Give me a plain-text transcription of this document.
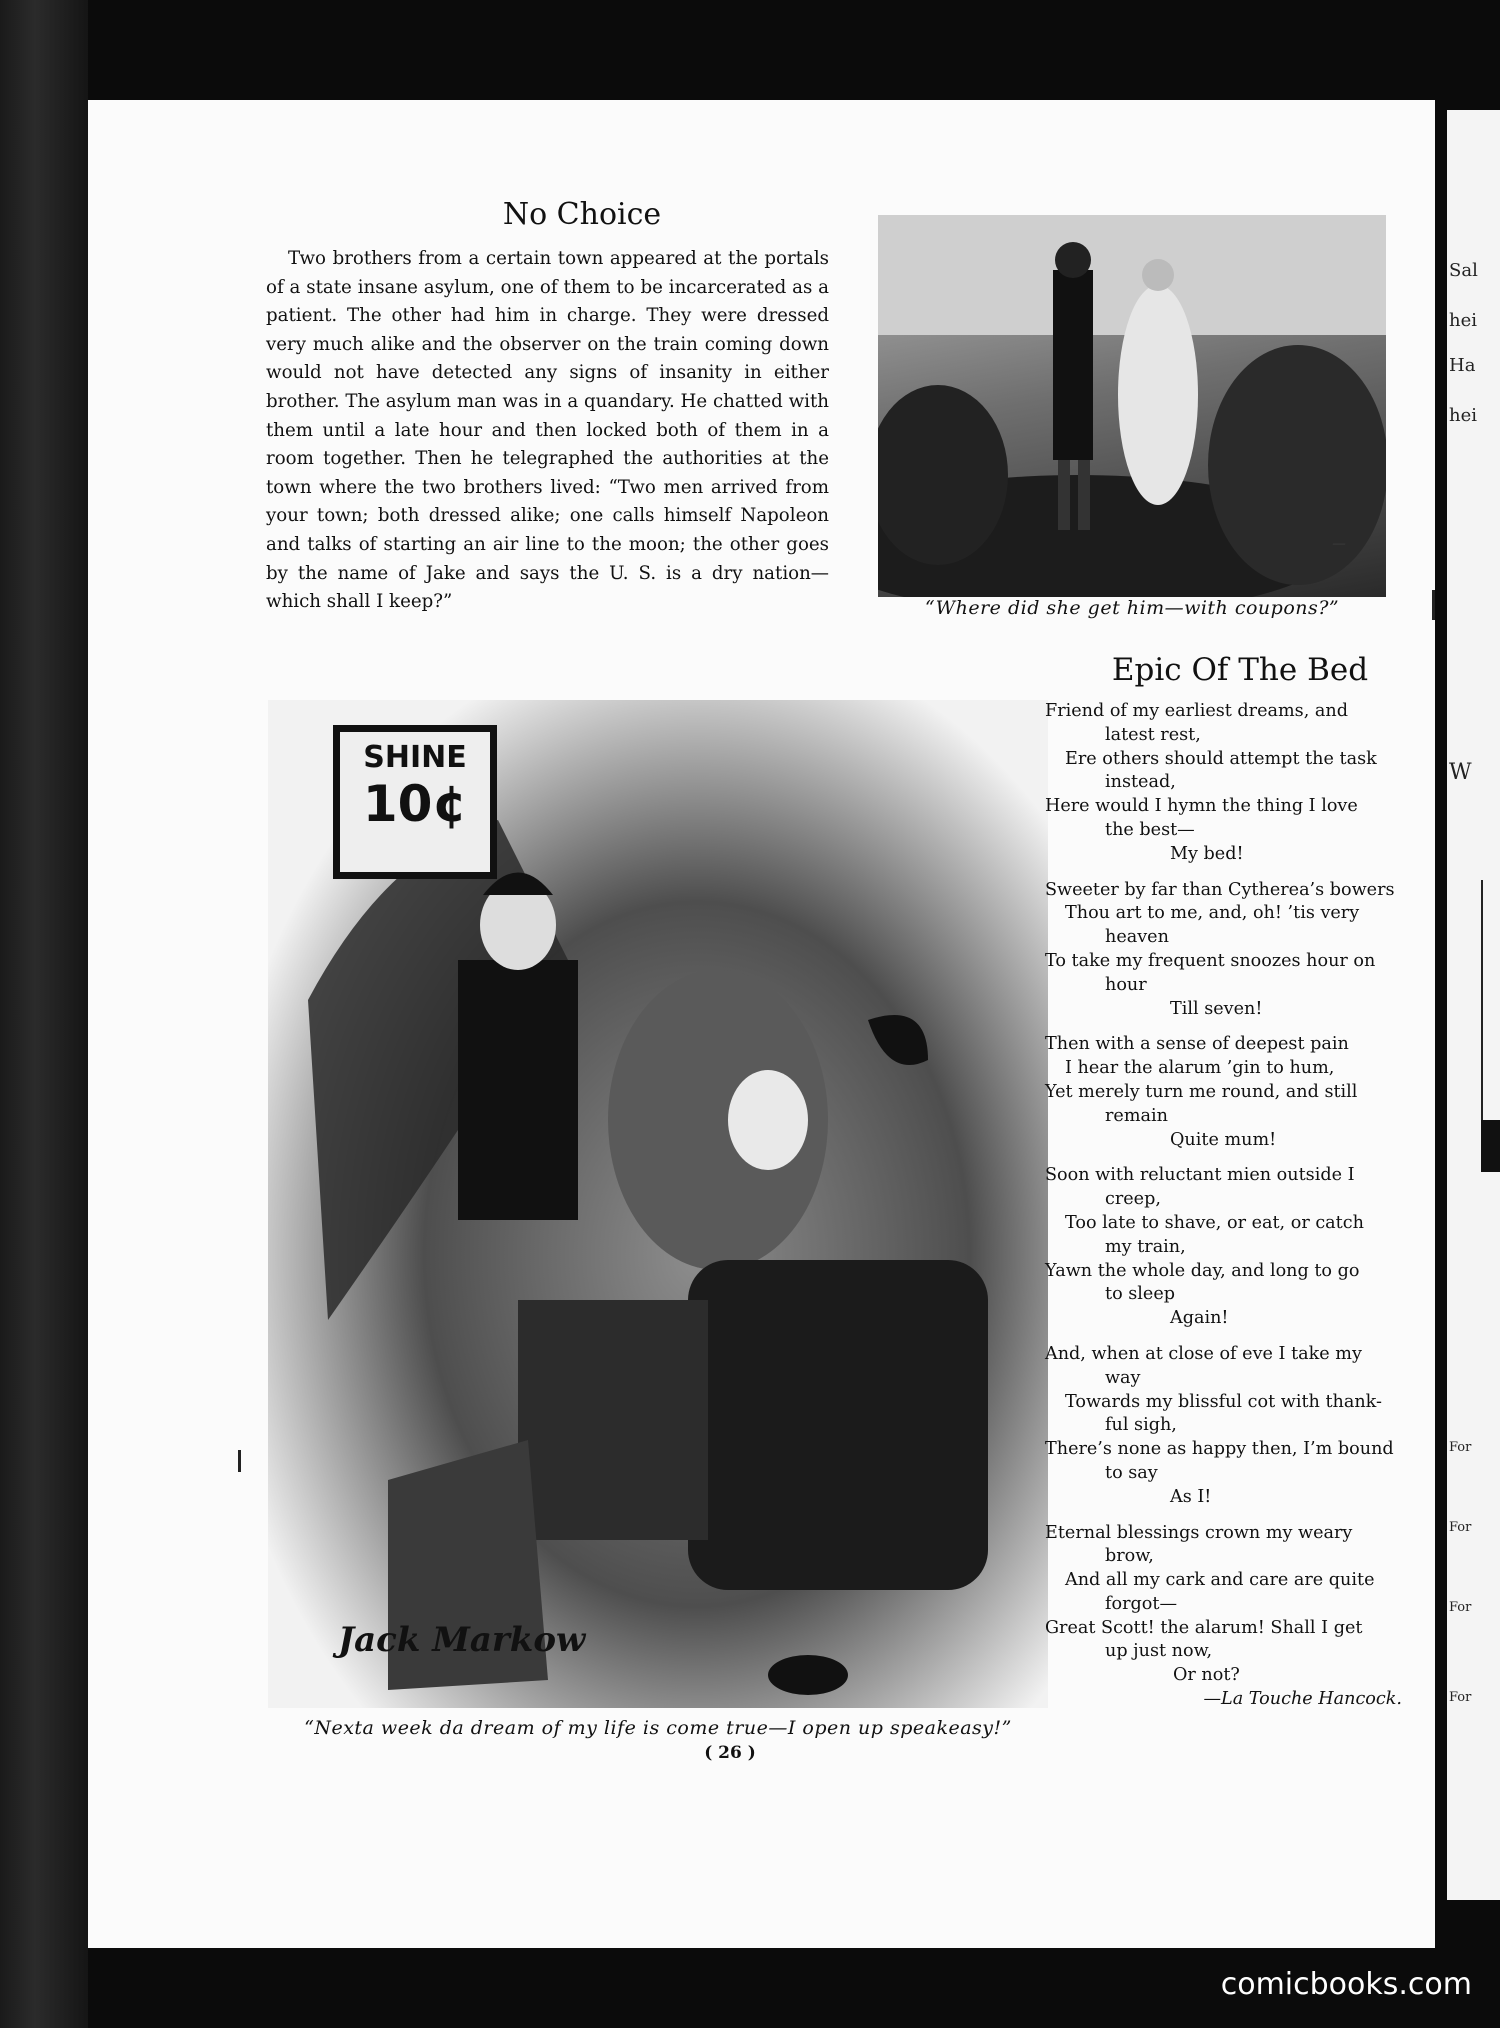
Sal
hei
Ha
hei
W
For
For
For
For
No Choice

Two brothers from a certain town appeared at the portals of a state insane asylum, one of them to be incarcerated as a patient. The other had him in charge. They were dressed very much alike and the observer on the train coming down would not have detected any signs of insanity in either brother. The asylum man was in a quandary. He chatted with them until a late hour and then locked both of them in a room together. Then he telegraphed the authorities at the town where the two brothers lived: “Two men arrived from your town; both dressed alike; one calls himself Napoleon and talks of starting an air line to the moon; the other goes by the name of Jake and says the U. S. is a dry nation—which shall I keep?”

—

“Where did she get him—with coupons?”

Epic Of The Bed
SHINE
10¢
Jack Markow

“Nexta week da dream of my life is come true—I open up speakeasy!”

Friend of my earliest dreams, and

latest rest,

Ere others should attempt the task

instead,

Here would I hymn the thing I love

the best—

My bed!

Sweeter by far than Cytherea’s bowers

Thou art to me, and, oh! ’tis very

heaven

To take my frequent snoozes hour on

hour

Till seven!

Then with a sense of deepest pain

I hear the alarum ’gin to hum,

Yet merely turn me round, and still

remain

Quite mum!

Soon with reluctant mien outside I

creep,

Too late to shave, or eat, or catch

my train,

Yawn the whole day, and long to go

to sleep

Again!

And, when at close of eve I take my

way

Towards my blissful cot with thank-

ful sigh,

There’s none as happy then, I’m bound

to say

As I!

Eternal blessings crown my weary

brow,

And all my cark and care are quite

forgot—

Great Scott! the alarum! Shall I get

up just now,

Or not?

—La Touche Hancock.

( 26 )

comicbooks.com
